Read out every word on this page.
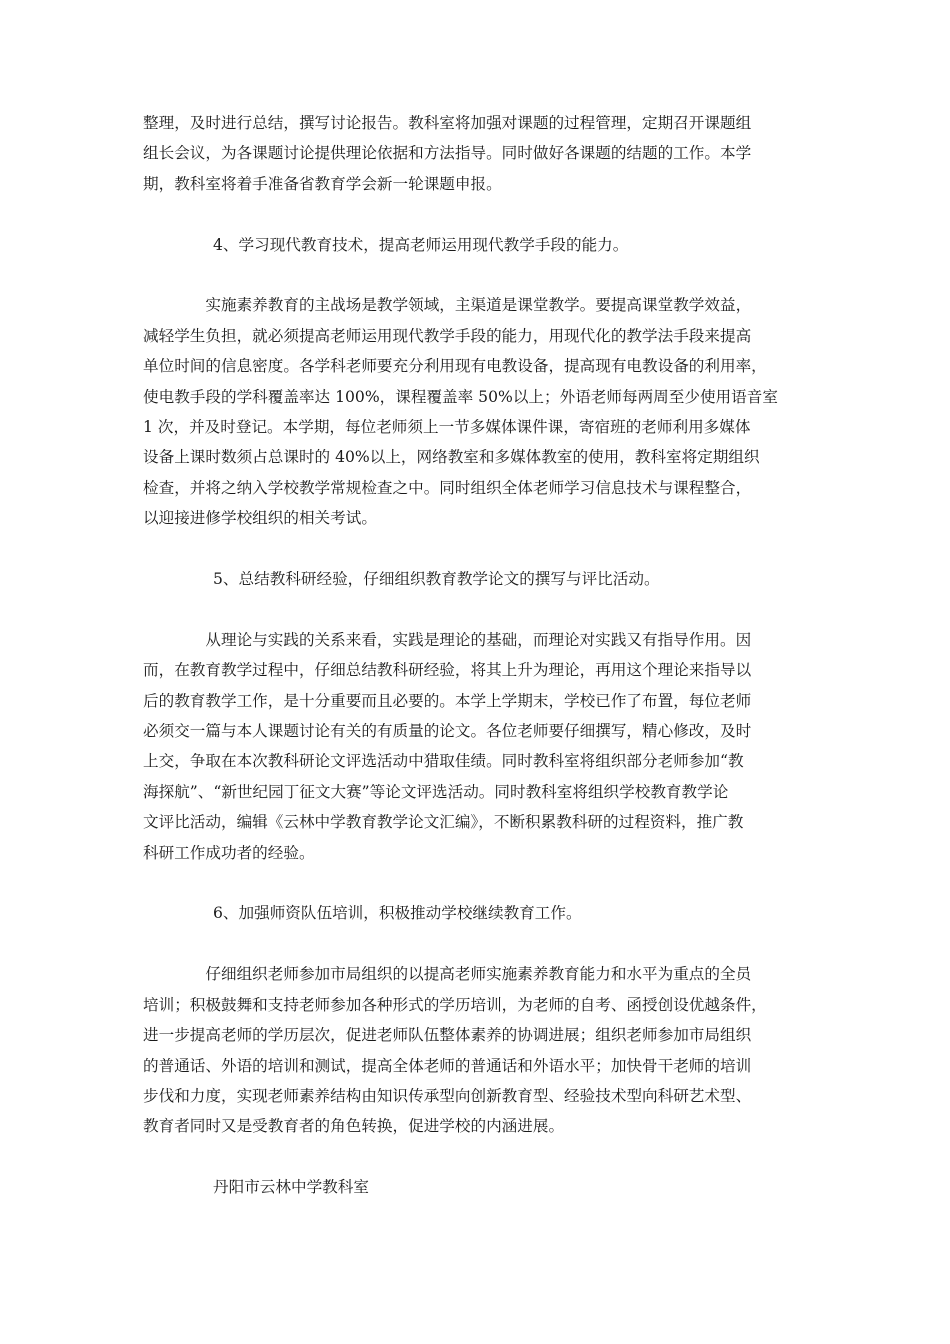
整理，及时进行总结，撰写讨论报告。教科室将加强对课题的过程管理，定期召开课题组
组长会议，为各课题讨论提供理论依据和方法指导。同时做好各课题的结题的工作。本学
期，教科室将着手准备省教育学会新一轮课题申报。

4、学习现代教育技术，提高老师运用现代教学手段的能力。

　　　　实施素养教育的主战场是教学领域，主渠道是课堂教学。要提高课堂教学效益，
减轻学生负担，就必须提高老师运用现代教学手段的能力，用现代化的教学法手段来提高
单位时间的信息密度。各学科老师要充分利用现有电教设备，提高现有电教设备的利用率，
使电教手段的学科覆盖率达 100%，课程覆盖率 50%以上；外语老师每两周至少使用语音室
1 次，并及时登记。本学期，每位老师须上一节多媒体课件课，寄宿班的老师利用多媒体
设备上课时数须占总课时的 40%以上，网络教室和多媒体教室的使用，教科室将定期组织
检查，并将之纳入学校教学常规检查之中。同时组织全体老师学习信息技术与课程整合，
以迎接进修学校组织的相关考试。

5、总结教科研经验，仔细组织教育教学论文的撰写与评比活动。

　　　　从理论与实践的关系来看，实践是理论的基础，而理论对实践又有指导作用。因
而，在教育教学过程中，仔细总结教科研经验，将其上升为理论，再用这个理论来指导以
后的教育教学工作，是十分重要而且必要的。本学上学期末，学校已作了布置，每位老师
必须交一篇与本人课题讨论有关的有质量的论文。各位老师要仔细撰写，精心修改，及时
上交，争取在本次教科研论文评选活动中猎取佳绩。同时教科室将组织部分老师参加“教
海探航”、“新世纪园丁征文大赛”等论文评选活动。同时教科室将组织学校教育教学论
文评比活动，编辑《云林中学教育教学论文汇编》，不断积累教科研的过程资料，推广教
科研工作成功者的经验。

6、加强师资队伍培训，积极推动学校继续教育工作。

　　　　仔细组织老师参加市局组织的以提高老师实施素养教育能力和水平为重点的全员
培训；积极鼓舞和支持老师参加各种形式的学历培训，为老师的自考、函授创设优越条件，
进一步提高老师的学历层次，促进老师队伍整体素养的协调进展；组织老师参加市局组织
的普通话、外语的培训和测试，提高全体老师的普通话和外语水平；加快骨干老师的培训
步伐和力度，实现老师素养结构由知识传承型向创新教育型、经验技术型向科研艺术型、
教育者同时又是受教育者的角色转换，促进学校的内涵进展。

丹阳市云林中学教科室
